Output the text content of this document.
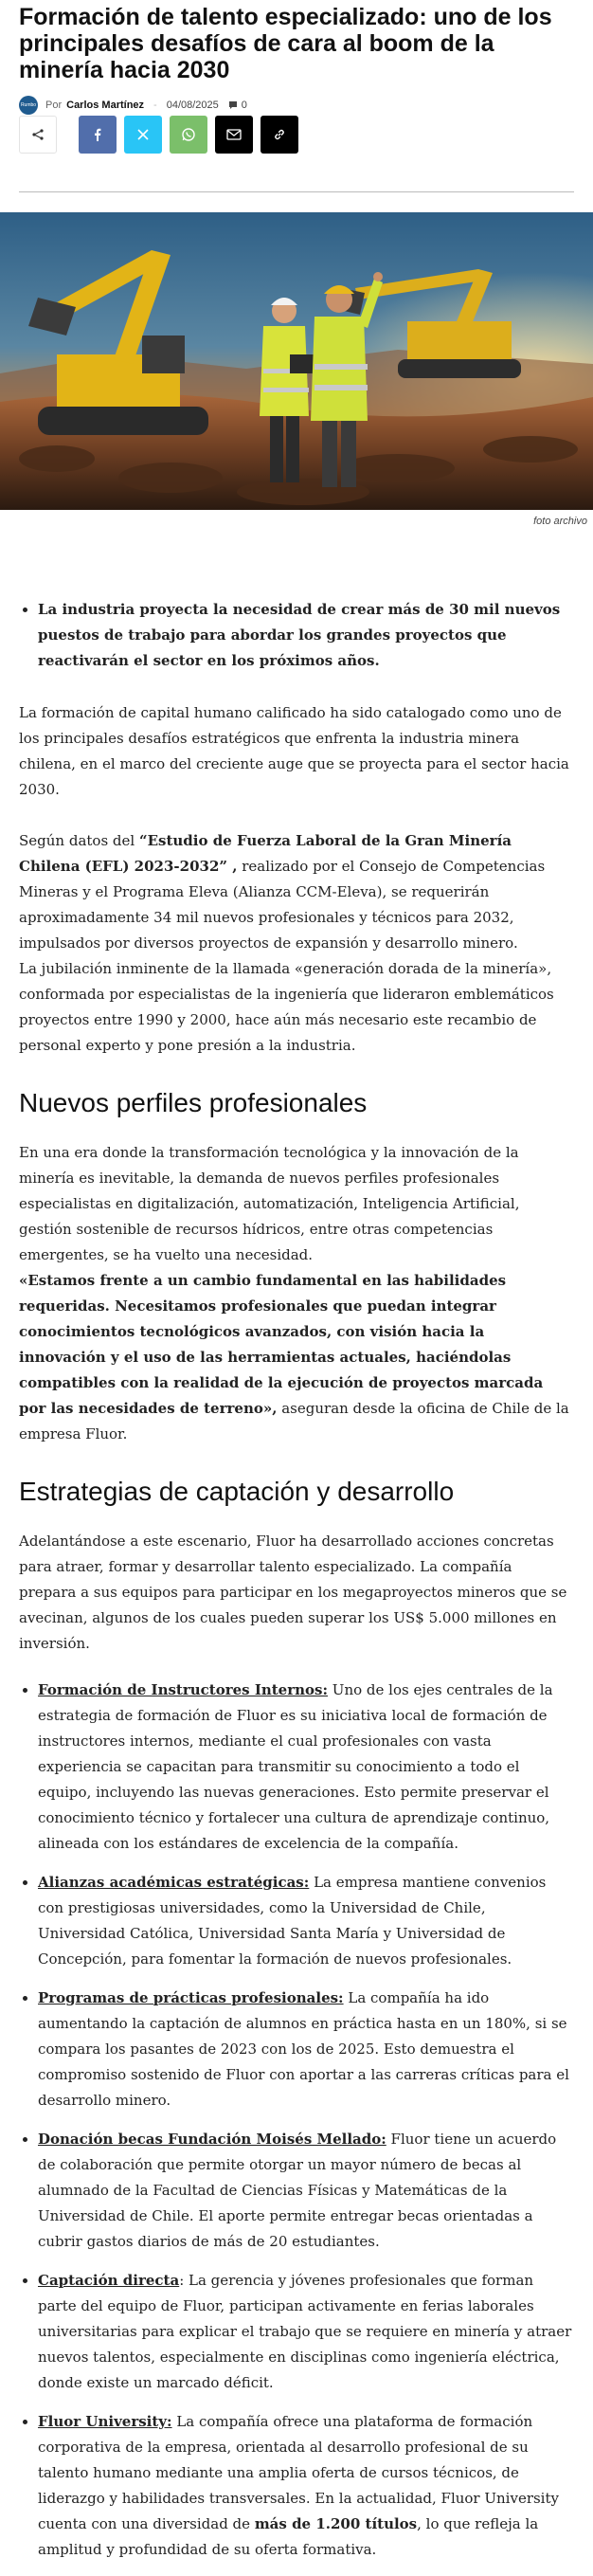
Formación de talento especializado: uno de los principales desafíos de cara al boom de la minería hacia 2030
Rumbo Por Carlos Martínez - 04/08/2025 0
foto archivo
• La industria proyecta la necesidad de crear más de 30 mil nuevos puestos de trabajo para abordar los grandes proyectos que reactivarán el sector en los próximos años.

La formación de capital humano calificado ha sido catalogado como uno de los principales desafíos estratégicos que enfrenta la industria minera chilena, en el marco del creciente auge que se proyecta para el sector hacia 2030.

Según datos del “Estudio de Fuerza Laboral de la Gran Minería Chilena (EFL) 2023-2032” , realizado por el Consejo de Competencias Mineras y el Programa Eleva (Alianza CCM-Eleva), se requerirán aproximadamente 34 mil nuevos profesionales y técnicos para 2032, impulsados por diversos proyectos de expansión y desarrollo minero.

La jubilación inminente de la llamada «generación dorada de la minería», conformada por especialistas de la ingeniería que lideraron emblemáticos proyectos entre 1990 y 2000, hace aún más necesario este recambio de personal experto y pone presión a la industria.

Nuevos perfiles profesionales

En una era donde la transformación tecnológica y la innovación de la minería es inevitable, la demanda de nuevos perfiles profesionales especialistas en digitalización, automatización, Inteligencia Artificial, gestión sostenible de recursos hídricos, entre otras competencias emergentes, se ha vuelto una necesidad.

«Estamos frente a un cambio fundamental en las habilidades requeridas. Necesitamos profesionales que puedan integrar conocimientos tecnológicos avanzados, con visión hacia la innovación y el uso de las herramientas actuales, haciéndolas compatibles con la realidad de la ejecución de proyectos marcada por las necesidades de terreno», aseguran desde la oficina de Chile de la empresa Fluor.

Estrategias de captación y desarrollo

Adelantándose a este escenario, Fluor ha desarrollado acciones concretas para atraer, formar y desarrollar talento especializado. La compañía prepara a sus equipos para participar en los megaproyectos mineros que se avecinan, algunos de los cuales pueden superar los US$ 5.000 millones en inversión.

• Formación de Instructores Internos: Uno de los ejes centrales de la estrategia de formación de Fluor es su iniciativa local de formación de instructores internos, mediante el cual profesionales con vasta experiencia se capacitan para transmitir su conocimiento a todo el equipo, incluyendo las nuevas generaciones. Esto permite preservar el conocimiento técnico y fortalecer una cultura de aprendizaje continuo, alineada con los estándares de excelencia de la compañía.
• Alianzas académicas estratégicas: La empresa mantiene convenios con prestigiosas universidades, como la Universidad de Chile, Universidad Católica, Universidad Santa María y Universidad de Concepción, para fomentar la formación de nuevos profesionales.
• Programas de prácticas profesionales: La compañía ha ido aumentando la captación de alumnos en práctica hasta en un 180%, si se compara los pasantes de 2023 con los de 2025. Esto demuestra el compromiso sostenido de Fluor con aportar a las carreras críticas para el desarrollo minero.
• Donación becas Fundación Moisés Mellado: Fluor tiene un acuerdo de colaboración que permite otorgar un mayor número de becas al alumnado de la Facultad de Ciencias Físicas y Matemáticas de la Universidad de Chile. El aporte permite entregar becas orientadas a cubrir gastos diarios de más de 20 estudiantes.
• Captación directa: La gerencia y jóvenes profesionales que forman parte del equipo de Fluor, participan activamente en ferias laborales universitarias para explicar el trabajo que se requiere en minería y atraer nuevos talentos, especialmente en disciplinas como ingeniería eléctrica, donde existe un marcado déficit.
• Fluor University: La compañía ofrece una plataforma de formación corporativa de la empresa, orientada al desarrollo profesional de su talento humano mediante una amplia oferta de cursos técnicos, de liderazgo y habilidades transversales. En la actualidad, Fluor University cuenta con una diversidad de más de 1.200 títulos, lo que refleja la amplitud y profundidad de su oferta formativa.
